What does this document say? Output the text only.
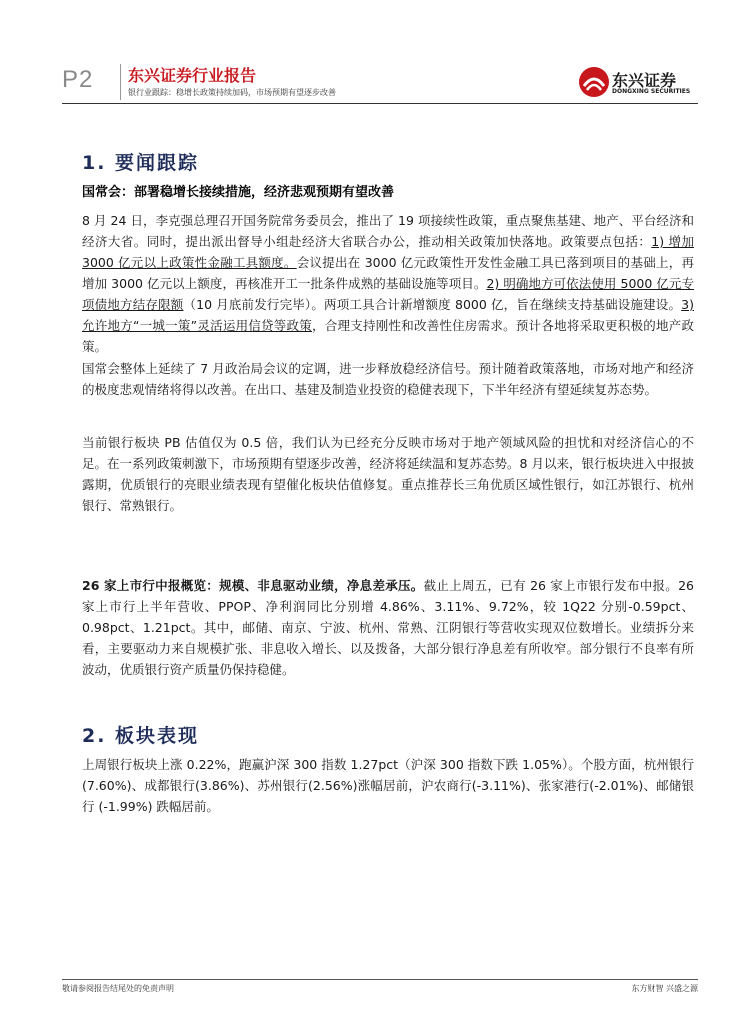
P2 东兴证券行业报告
银行业跟踪：稳增长政策持续加码，市场预期有望逐步改善
东兴证券
DONGXING SECURITIES
1. 要闻跟踪
国常会：部署稳增长接续措施，经济悲观预期有望改善
8 月 24 日，李克强总理召开国务院常务委员会，推出了 19 项接续性政策，重点聚焦基建、地产、平台经济和经济大省。同时，提出派出督导小组赴经济大省联合办公，推动相关政策加快落地。政策要点包括：1) 增加 3000 亿元以上政策性金融工具额度。会议提出在 3000 亿元政策性开发性金融工具已落到项目的基础上，再增加 3000 亿元以上额度，再核准开工一批条件成熟的基础设施等项目。2) 明确地方可依法使用 5000 亿元专项债地方结存限额（10 月底前发行完毕）。两项工具合计新增额度 8000 亿，旨在继续支持基础设施建设。3) 允许地方“一城一策”灵活运用信贷等政策，合理支持刚性和改善性住房需求。预计各地将采取更积极的地产政策。
国常会整体上延续了 7 月政治局会议的定调，进一步释放稳经济信号。预计随着政策落地，市场对地产和经济的极度悲观情绪将得以改善。在出口、基建及制造业投资的稳健表现下，下半年经济有望延续复苏态势。
当前银行板块 PB 估值仅为 0.5 倍，我们认为已经充分反映市场对于地产领域风险的担忧和对经济信心的不足。在一系列政策刺激下，市场预期有望逐步改善，经济将延续温和复苏态势。8 月以来，银行板块进入中报披露期，优质银行的亮眼业绩表现有望催化板块估值修复。重点推荐长三角优质区域性银行，如江苏银行、杭州银行、常熟银行。
26 家上市行中报概览：规模、非息驱动业绩，净息差承压。截止上周五，已有 26 家上市银行发布中报。26 家上市行上半年营收、PPOP、净利润同比分别增 4.86%、3.11%、9.72%，较 1Q22 分别-0.59pct、0.98pct、1.21pct。其中，邮储、南京、宁波、杭州、常熟、江阴银行等营收实现双位数增长。业绩拆分来看，主要驱动力来自规模扩张、非息收入增长、以及拨备，大部分银行净息差有所收窄。部分银行不良率有所波动，优质银行资产质量仍保持稳健。
2. 板块表现
上周银行板块上涨 0.22%，跑赢沪深 300 指数 1.27pct（沪深 300 指数下跌 1.05%）。个股方面，杭州银行(7.60%)、成都银行(3.86%)、苏州银行(2.56%)涨幅居前，沪农商行(-3.11%)、张家港行(-2.01%)、邮储银行 (-1.99%) 跌幅居前。
敬请参阅报告结尾处的免责声明	东方财智 兴盛之源
